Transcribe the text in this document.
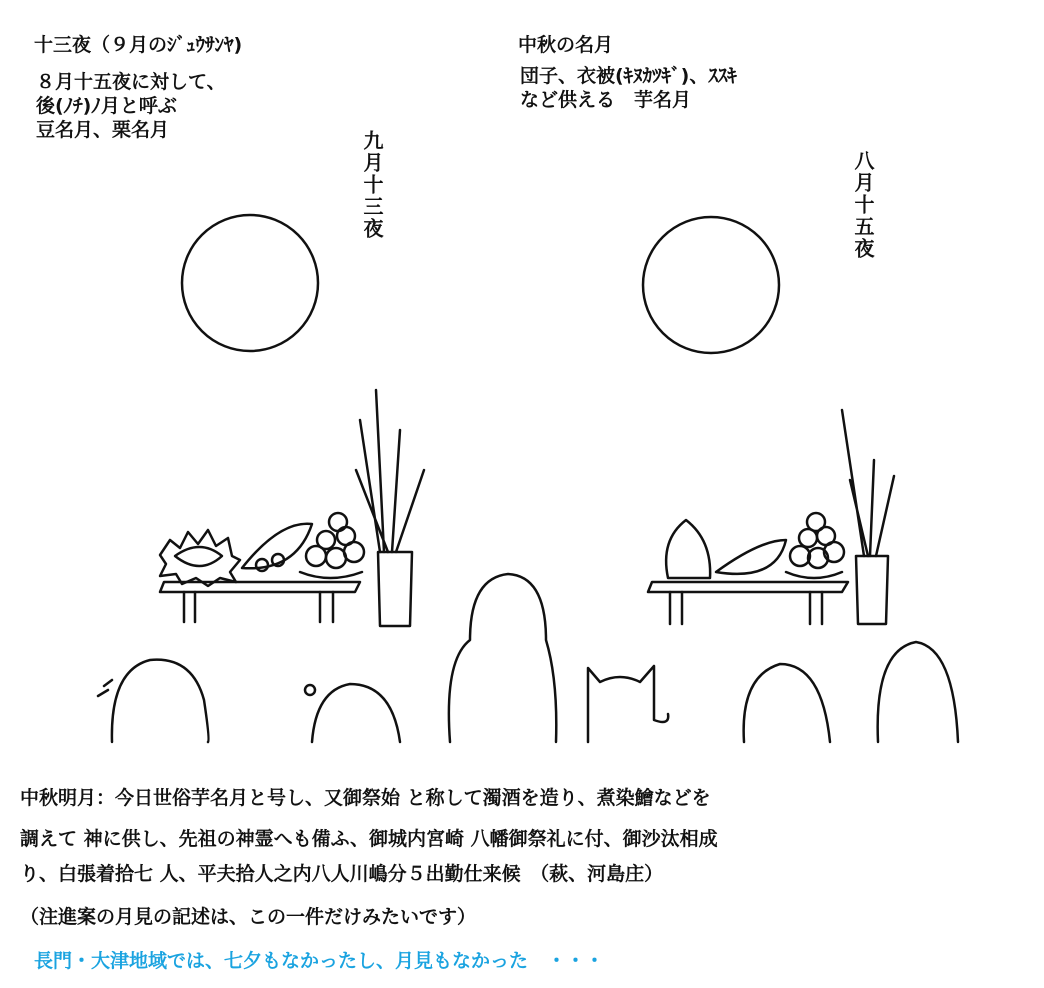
十三夜（９月のｼﾞｭｳｻﾝﾔ)
８月十五夜に対して、
後(ﾉﾁ)ﾉ月と呼ぶ
豆名月、栗名月
中秋の名月
団子、衣被(ｷﾇｶﾂｷﾞ)、ｽｽｷ
など供える　芋名月
九月十三夜	八月十五夜
中秋明月：今日世俗芋名月と号し、又御祭始 と称して濁酒を造り、煮染鱠などを
調えて 神に供し、先祖の神霊へも備ふ、御城内宮崎 八幡御祭礼に付、御沙汰相成
り、白張着拾七 人、平夫拾人之内八人川嶋分５出勤仕来候　（萩、河島庄）
（注進案の月見の記述は、この一件だけみたいです）
長門・大津地域では、七夕もなかったし、月見もなかった　・・・
